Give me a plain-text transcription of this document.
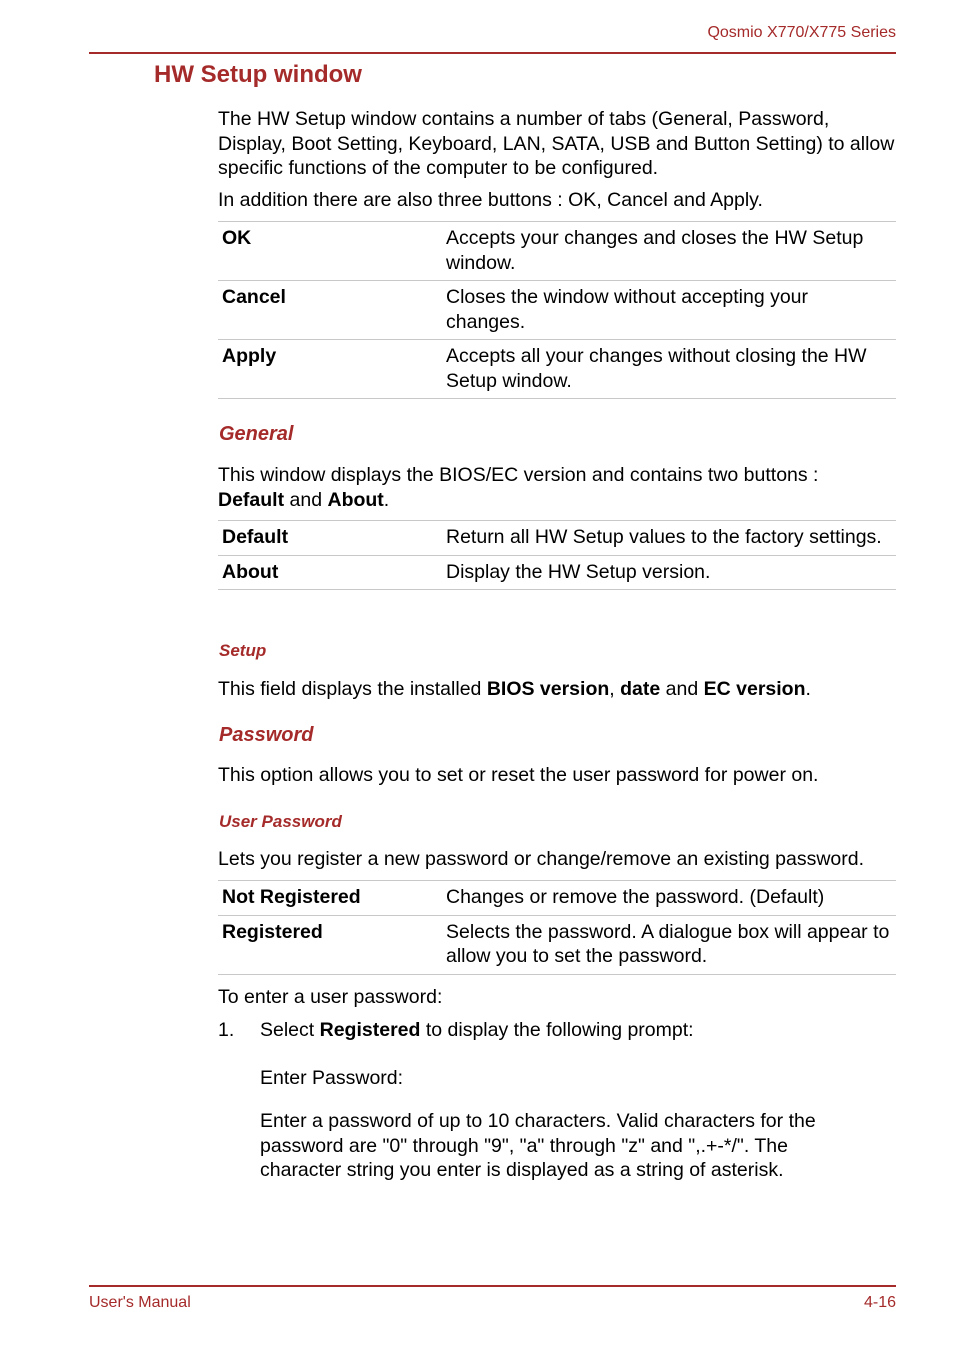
Qosmio X770/X775 Series
HW Setup window
The HW Setup window contains a number of tabs (General, Password, Display, Boot Setting, Keyboard, LAN, SATA, USB and Button Setting) to allow specific functions of the computer to be configured.
In addition there are also three buttons : OK, Cancel and Apply.
OK	Accepts your changes and closes the HW Setup window.
Cancel	Closes the window without accepting your changes.
Apply	Accepts all your changes without closing the HW Setup window.
General
This window displays the BIOS/EC version and contains two buttons :
Default and About.
Default	Return all HW Setup values to the factory settings.
About	Display the HW Setup version.
Setup
This field displays the installed BIOS version, date and EC version.
Password
This option allows you to set or reset the user password for power on.
User Password
Lets you register a new password or change/remove an existing password.
Not Registered	Changes or remove the password. (Default)
Registered	Selects the password. A dialogue box will appear to allow you to set the password.
To enter a user password:
1. Select Registered to display the following prompt:
Enter Password:
Enter a password of up to 10 characters. Valid characters for the password are "0" through "9", "a" through "z" and ",.+-*/". The character string you enter is displayed as a string of asterisk.
User's Manual	4-16
